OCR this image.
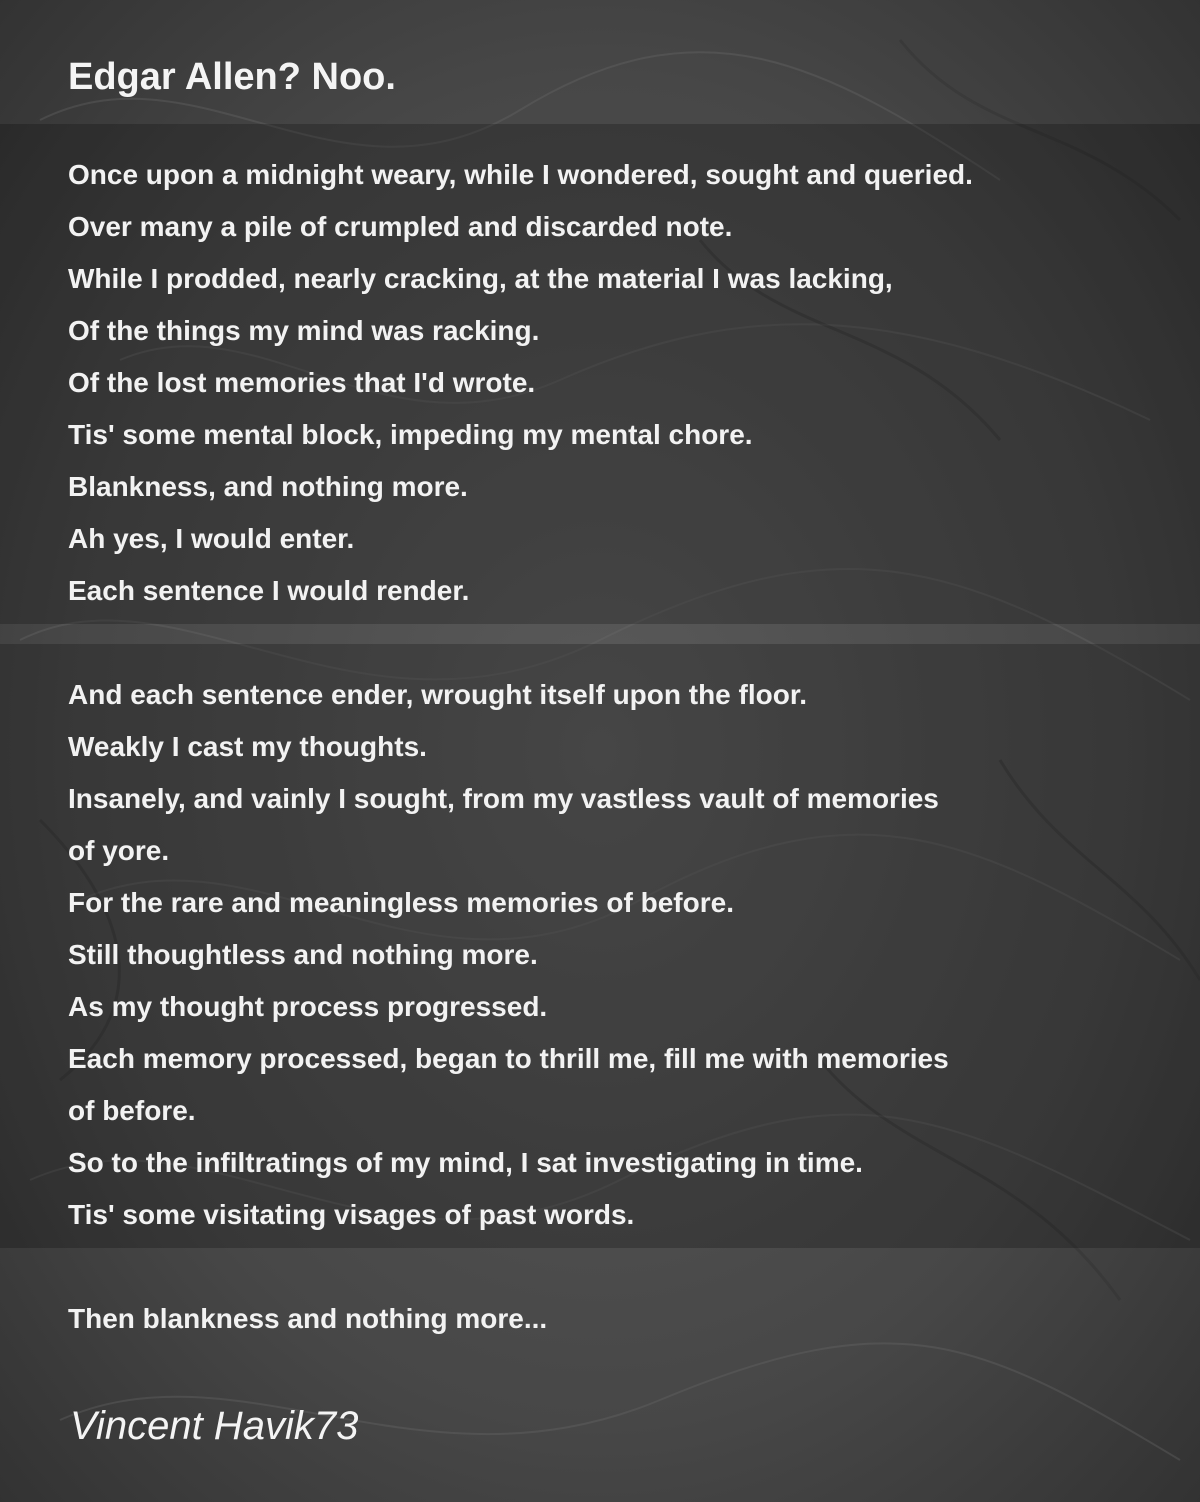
Edgar Allen? Noo.
Once upon a midnight weary, while I wondered, sought and queried.
Over many a pile of crumpled and discarded note.
While I prodded, nearly cracking, at the material I was lacking,
Of the things my mind was racking.
Of the lost memories that I'd wrote.
Tis' some mental block, impeding my mental chore.
Blankness, and nothing more.
Ah yes, I would enter.
Each sentence I would render.
And each sentence ender, wrought itself upon the floor.
Weakly I cast my thoughts.
Insanely, and vainly I sought, from my vastless vault of memories
of yore.
For the rare and meaningless memories of before.
Still thoughtless and nothing more.
As my thought process progressed.
Each memory processed, began to thrill me, fill me with memories
of before.
So to the infiltratings of my mind, I sat investigating in time.
Tis' some visitating visages of past words.
Then blankness and nothing more...

Vincent Havik73
